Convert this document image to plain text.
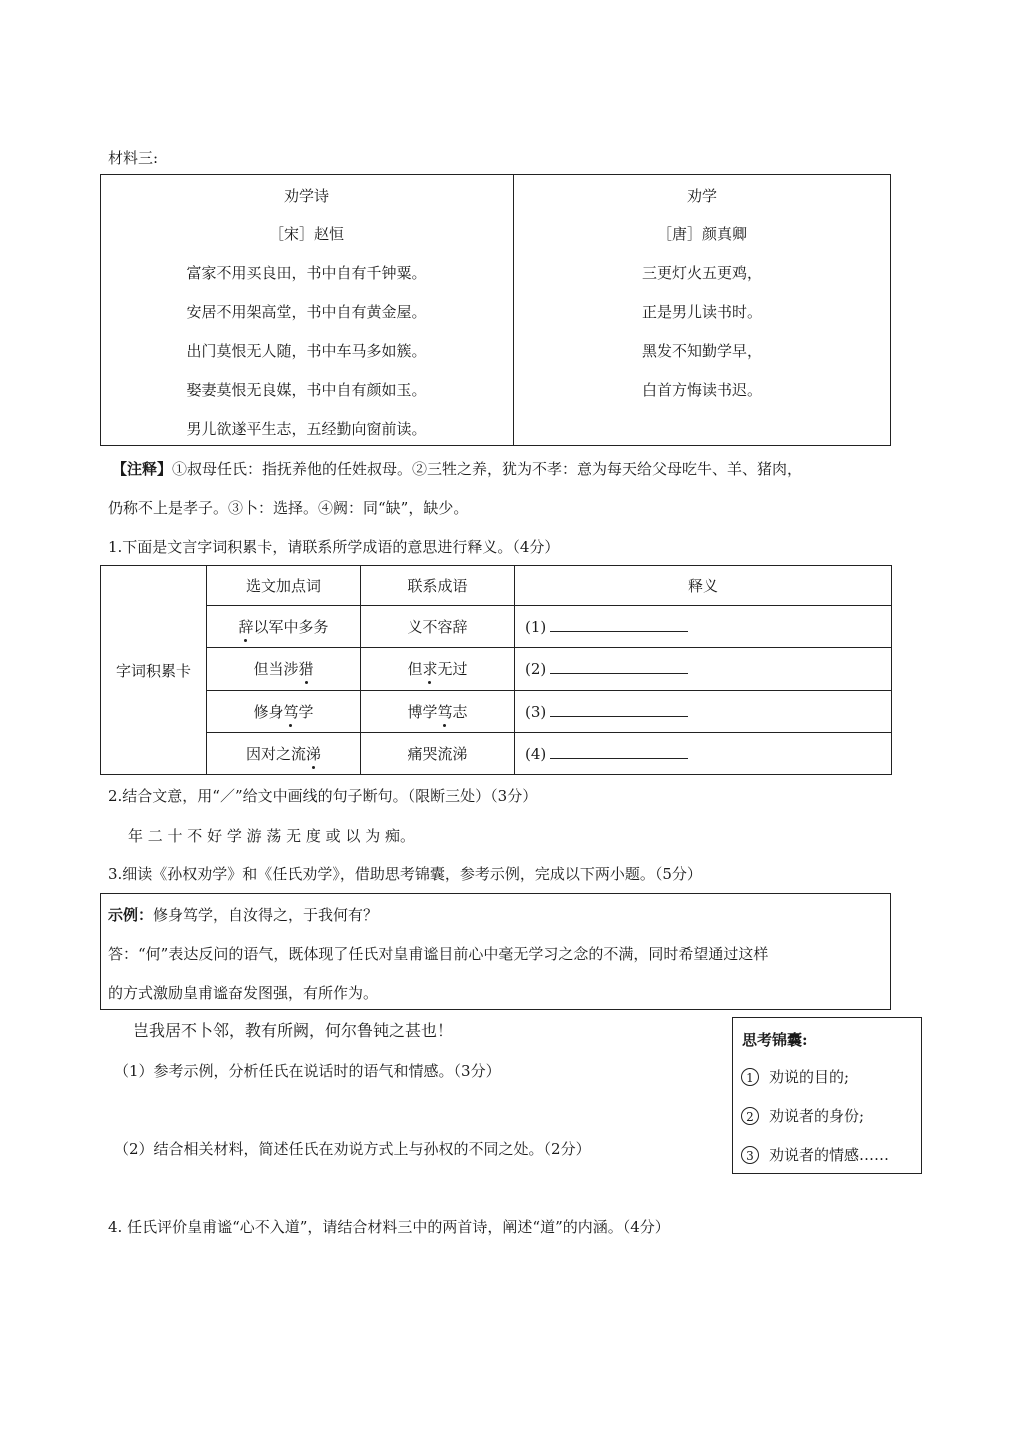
材料三:
劝学诗
［宋］赵恒
富家不用买良田，书中自有千钟粟。
安居不用架高堂，书中自有黄金屋。
出门莫恨无人随，书中车马多如簇。
娶妻莫恨无良媒，书中自有颜如玉。
男儿欲遂平生志，五经勤向窗前读。
劝学
［唐］颜真卿
三更灯火五更鸡，
正是男儿读书时。
黑发不知勤学早，
白首方悔读书迟。
【注释】①叔母任氏：指抚养他的任姓叔母。②三牲之养，犹为不孝：意为每天给父母吃牛、羊、猪肉，
仍称不上是孝子。③卜：选择。④阙：同“缺”，缺少。
1.下面是文言字词积累卡，请联系所学成语的意思进行释义。（4分）
字词积累卡	选文加点词	联系成语	释义
	辞以军中多务	义不容辞	(1)
	但当涉猎	但求无过	(2)
	修身笃学	博学笃志	(3)
	因对之流涕	痛哭流涕	(4)
2.结合文意，用“／”给文中画线的句子断句。（限断三处）（3分）
年 二 十 不 好 学 游 荡 无 度 或 以 为 痴。
3.细读《孙权劝学》和《任氏劝学》，借助思考锦囊，参考示例，完成以下两小题。（5分）
示例：修身笃学，自汝得之，于我何有？
答：“何”表达反问的语气，既体现了任氏对皇甫谧目前心中毫无学习之念的不满，同时希望通过这样
的方式激励皇甫谧奋发图强，有所作为。
岂我居不卜邻，教有所阙，何尔鲁钝之甚也！
（1）参考示例，分析任氏在说话时的语气和情感。（3分）
（2）结合相关材料，简述任氏在劝说方式上与孙权的不同之处。（2分）
思考锦囊:
1 劝说的目的;
2 劝说者的身份;
3 劝说者的情感……
4. 任氏评价皇甫谧“心不入道”，请结合材料三中的两首诗，阐述“道”的内涵。（4分）
